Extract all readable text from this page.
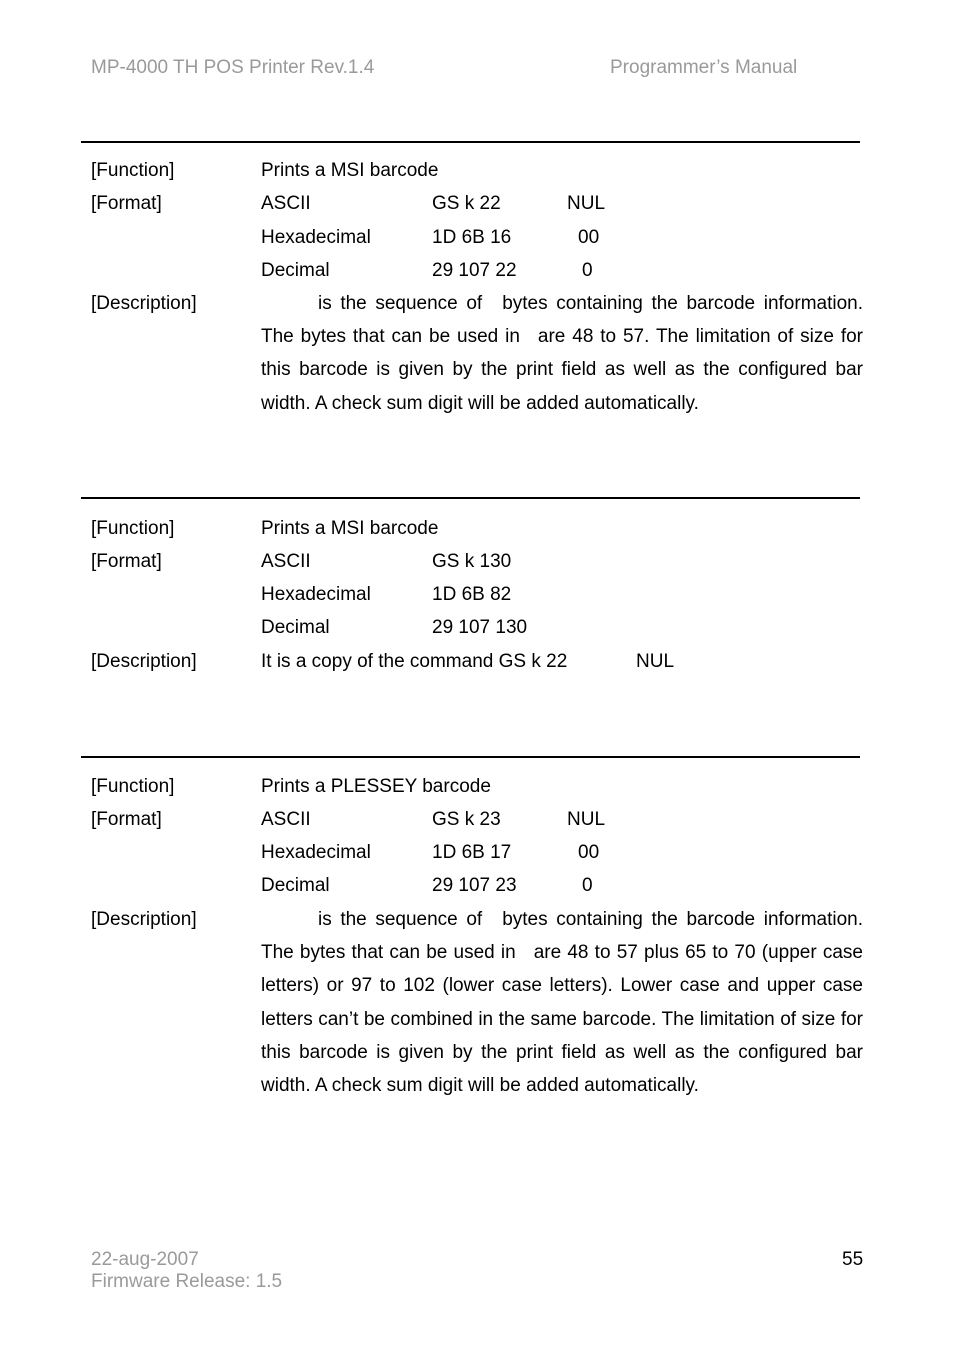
MP-4000 TH POS Printer Rev.1.4	Programmer’s Manual
[Function]	Prints a MSI barcode
[Format]	ASCII	GS k 22	NUL
Hexadecimal	1D 6B 16	00
Decimal	29 107 22	0
[Description]	is the sequence of bytes containing the barcode information. The bytes that can be used in are 48 to 57. The limitation of size for this barcode is given by the print field as well as the configured bar width. A check sum digit will be added automatically.
[Function]	Prints a MSI barcode
[Format]	ASCII	GS k 130
Hexadecimal	1D 6B 82
Decimal	29 107 130
[Description]	It is a copy of the command GS k 22	NUL
[Function]	Prints a PLESSEY barcode
[Format]	ASCII	GS k 23	NUL
Hexadecimal	1D 6B 17	00
Decimal	29 107 23	0
[Description]	is the sequence of bytes containing the barcode information. The bytes that can be used in are 48 to 57 plus 65 to 70 (upper case letters) or 97 to 102 (lower case letters). Lower case and upper case letters can’t be combined in the same barcode. The limitation of size for this barcode is given by the print field as well as the configured bar width. A check sum digit will be added automatically.
22-aug-2007
Firmware Release: 1.5
55
